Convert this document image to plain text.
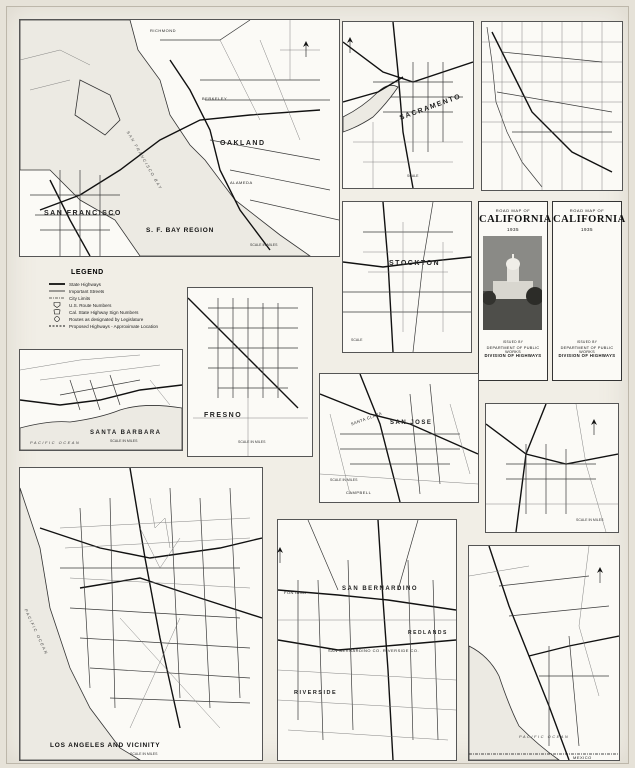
RICHMOND
BERKELEY
OAKLAND
SAN FRANCISCO
ALAMEDA
SAN FRANCISCO BAY
S. F. BAY REGION
SCALE IN MILES
SACRAMENTO
SCALE
STOCKTON
SCALE
ROAD MAP OF
CALIFORNIA
1935
ISSUED BY
DEPARTMENT OF PUBLIC WORKS
DIVISION OF HIGHWAYS
ROAD MAP OF
CALIFORNIA
1935
ISSUED BY
DEPARTMENT OF PUBLIC WORKS
DIVISION OF HIGHWAYS
LEGEND
State Highways
Important Streets
City Limits
U.S. Route Numbers
Cal. State Highway Sign Numbers
Routes as designated by Legislature
Proposed Highways - Approximate Location
FRESNO
SCALE IN MILES
SANTA BARBARA
SCALE IN MILES
PACIFIC OCEAN
SANTA CLARA SAN JOSE
CAMPBELL
SCALE IN MILES
SCALE IN MILES
PACIFIC OCEAN
LOS ANGELES AND VICINITY
SCALE IN MILES
SAN BERNARDINO
FONTANA
REDLANDS
SAN BERNARDINO CO. RIVERSIDE CO.
RIVERSIDE
PACIFIC OCEAN
MEXICO
